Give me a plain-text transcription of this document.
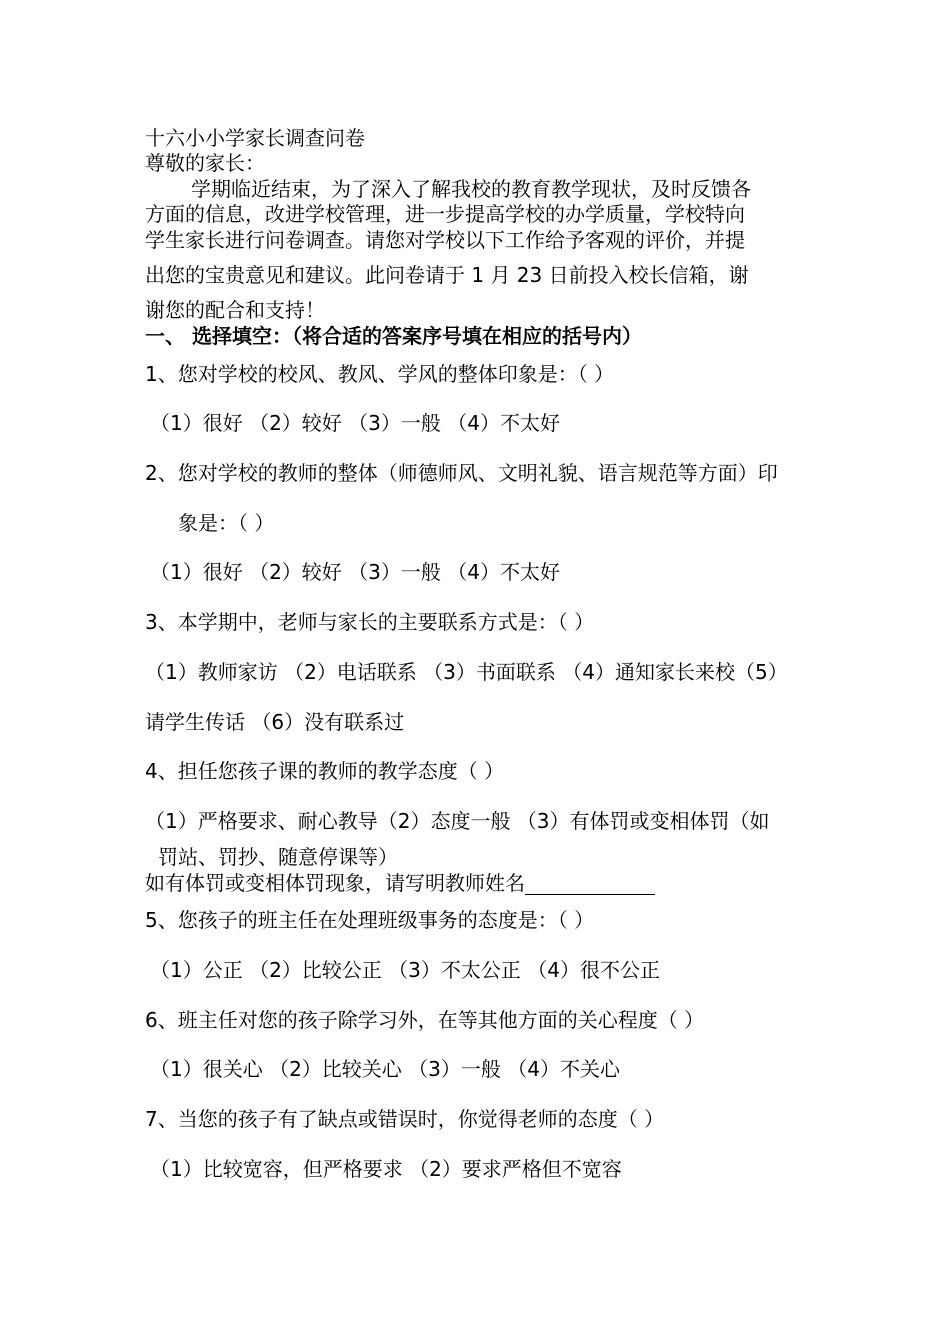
十六小小学家长调查问卷
尊敬的家长：
学期临近结束，为了深入了解我校的教育教学现状，及时反馈各
方面的信息，改进学校管理，进一步提高学校的办学质量，学校特向
学生家长进行问卷调查。请您对学校以下工作给予客观的评价，并提
出您的宝贵意见和建议。此问卷请于 1 月 23 日前投入校长信箱，谢
谢您的配合和支持！
一、 选择填空：（将合适的答案序号填在相应的括号内）
1、您对学校的校风、教风、学风的整体印象是：（ ）
（1）很好 （2）较好 （3）一般 （4）不太好
2、您对学校的教师的整体（师德师风、文明礼貌、语言规范等方面）印
象是：（ ）
（1）很好 （2）较好 （3）一般 （4）不太好
3、本学期中，老师与家长的主要联系方式是：（ ）
（1）教师家访 （2）电话联系 （3）书面联系 （4）通知家长来校（5）
请学生传话 （6）没有联系过
4、担任您孩子课的教师的教学态度（ ）
（1）严格要求、耐心教导（2）态度一般 （3）有体罚或变相体罚（如
罚站、罚抄、随意停课等）
如有体罚或变相体罚现象，请写明教师姓名
5、您孩子的班主任在处理班级事务的态度是：（ ）
（1）公正 （2）比较公正 （3）不太公正 （4）很不公正
6、班主任对您的孩子除学习外，在等其他方面的关心程度（ ）
（1）很关心 （2）比较关心 （3）一般 （4）不关心
7、当您的孩子有了缺点或错误时，你觉得老师的态度（ ）
（1）比较宽容，但严格要求 （2）要求严格但不宽容
